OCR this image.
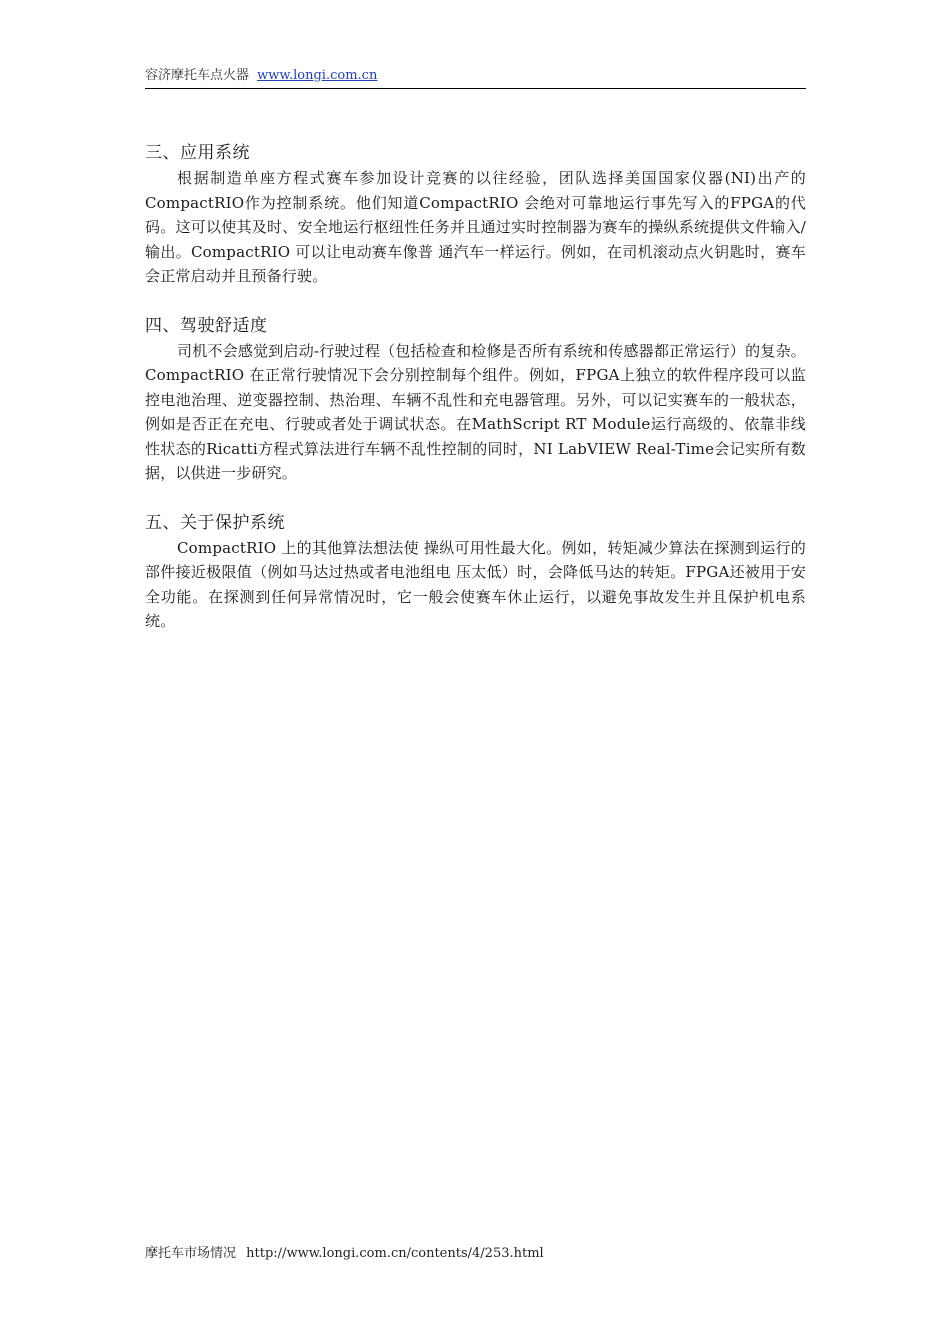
容济摩托车点火器 www.longi.com.cn
三、应用系统

根据制造单座方程式赛车参加设计竞赛的以往经验，团队选择美国国家仪器(NI)出产的CompactRIO作为控制系统。他们知道CompactRIO 会绝对可靠地运行事先写入的FPGA的代码。这可以使其及时、安全地运行枢纽性任务并且通过实时控制器为赛车的操纵系统提供文件输入/输出。CompactRIO 可以让电动赛车像普 通汽车一样运行。例如，在司机滚动点火钥匙时，赛车会正常启动并且预备行驶。

四、驾驶舒适度

司机不会感觉到启动-行驶过程（包括检查和检修是否所有系统和传感器都正常运行）的复杂。CompactRIO 在正常行驶情况下会分别控制每个组件。例如，FPGA上独立的软件程序段可以监控电池治理、逆变器控制、热治理、车辆不乱性和充电器管理。另外，可以记实赛车的一般状态，例如是否正在充电、行驶或者处于调试状态。在MathScript RT Module运行高级的、依靠非线性状态的Ricatti方程式算法进行车辆不乱性控制的同时，NI LabVIEW Real-Time会记实所有数据，以供进一步研究。

五、关于保护系统

CompactRIO 上的其他算法想法使 操纵可用性最大化。例如，转矩减少算法在探测到运行的部件接近极限值（例如马达过热或者电池组电 压太低）时，会降低马达的转矩。FPGA还被用于安全功能。在探测到任何异常情况时，它一般会使赛车休止运行，以避免事故发生并且保护机电系统。

摩托车市场情况 http://www.longi.com.cn/contents/4/253.html
